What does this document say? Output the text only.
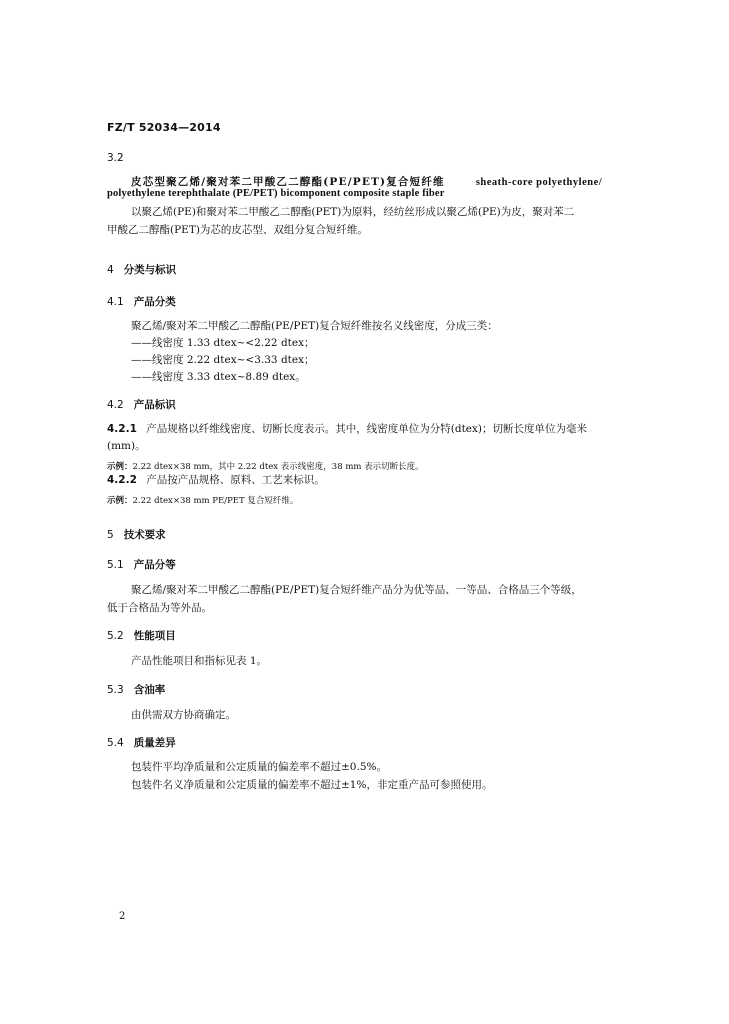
FZ/T 52034—2014
3.2
皮芯型聚乙烯/聚对苯二甲酸乙二醇酯(PE/PET)复合短纤维	sheath-core polyethylene/
polyethylene terephthalate (PE/PET) bicomponent composite staple fiber
以聚乙烯(PE)和聚对苯二甲酸乙二醇酯(PET)为原料，经纺丝形成以聚乙烯(PE)为皮，聚对苯二
甲酸乙二醇酯(PET)为芯的皮芯型、双组分复合短纤维。
4 分类与标识
4.1 产品分类
聚乙烯/聚对苯二甲酸乙二醇酯(PE/PET)复合短纤维按名义线密度，分成三类：
——线密度 1.33 dtex~<2.22 dtex；
——线密度 2.22 dtex~<3.33 dtex；
——线密度 3.33 dtex~8.89 dtex。
4.2 产品标识
4.2.1 产品规格以纤维线密度、切断长度表示。其中，线密度单位为分特(dtex)；切断长度单位为毫米
(mm)。
示例：2.22 dtex×38 mm，其中 2.22 dtex 表示线密度，38 mm 表示切断长度。
4.2.2 产品按产品规格、原料、工艺来标识。
示例：2.22 dtex×38 mm PE/PET 复合短纤维。
5 技术要求
5.1 产品分等
聚乙烯/聚对苯二甲酸乙二醇酯(PE/PET)复合短纤维产品分为优等品、一等品、合格品三个等级，
低于合格品为等外品。
5.2 性能项目
产品性能项目和指标见表 1。
5.3 含油率
由供需双方协商确定。
5.4 质量差异
包装件平均净质量和公定质量的偏差率不超过±0.5%。
包装件名义净质量和公定质量的偏差率不超过±1%，非定重产品可参照使用。
2
